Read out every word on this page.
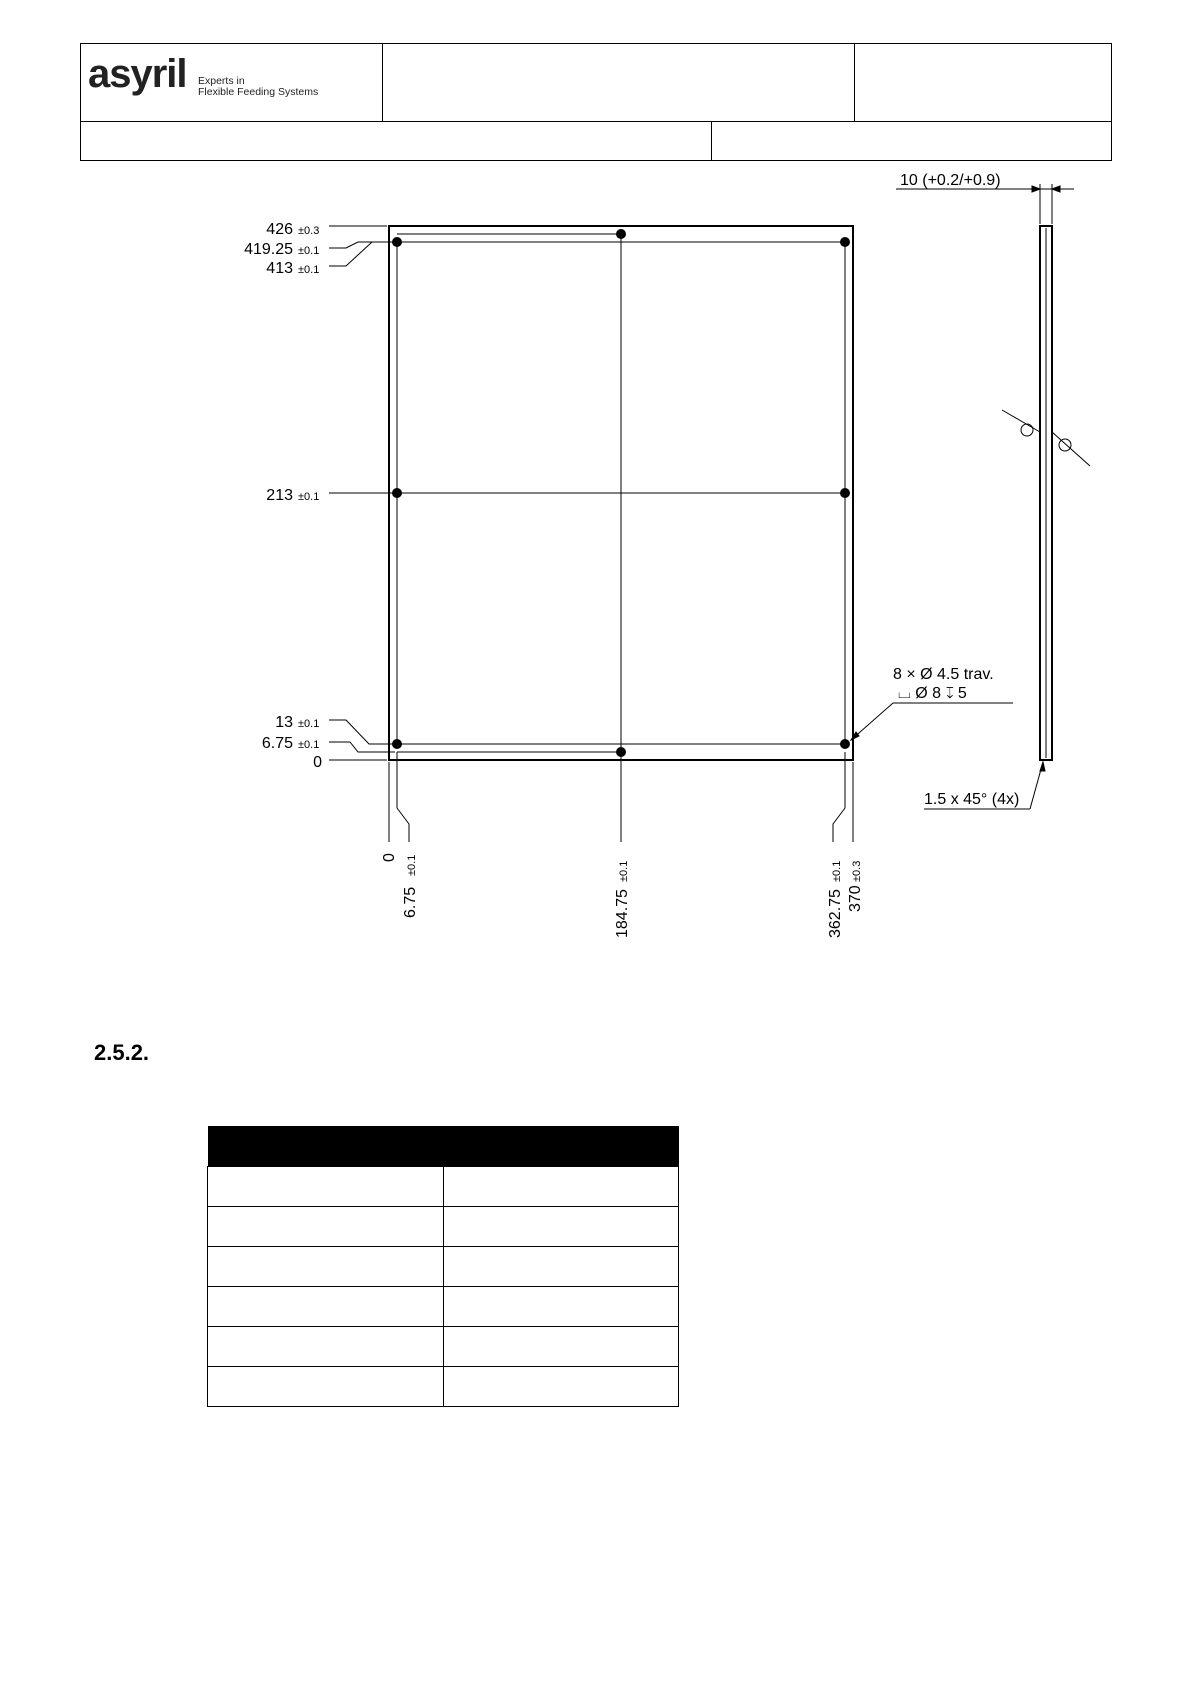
asyril Experts in
Flexible Feeding Systems
426 ±0.3
419.25 ±0.1
413 ±0.1
213 ±0.1
13 ±0.1
6.75 ±0.1
0
0
6.75
±0.1
184.75
±0.1
362.75
±0.1
370
±0.3
10 (+0.2/+0.9)
8 × Ø 4.5 trav.
⌴ Ø 8 ↧ 5
1.5 x 45° (4x)
2.5.2.
